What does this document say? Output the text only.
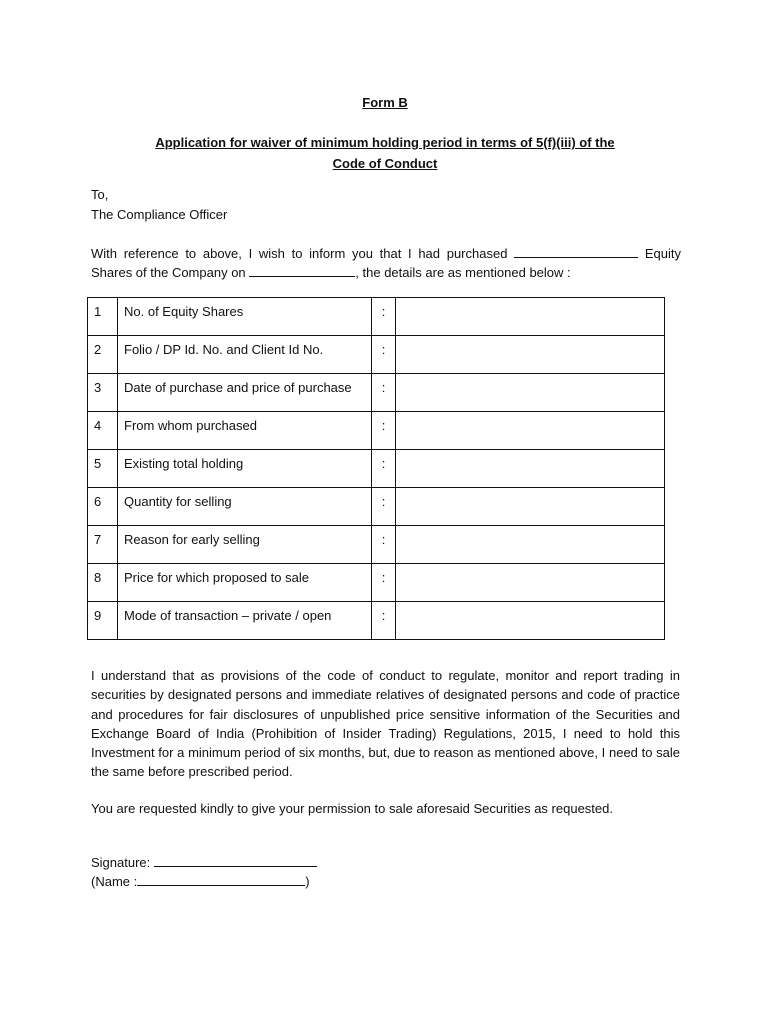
Form B
Application for waiver of minimum holding period in terms of 5(f)(iii) of the
Code of Conduct
To,
The Compliance Officer
With reference to above, I wish to inform you that I had purchased	Equity Shares of the Company on	, the details are as mentioned below :
1	No. of Equity Shares	:	
2	Folio / DP Id. No. and Client Id No.	:	
3	Date of purchase and price of purchase	:	
4	From whom purchased	:	
5	Existing total holding	:	
6	Quantity for selling	:	
7	Reason for early selling	:	
8	Price for which proposed to sale	:	
9	Mode of transaction – private / open	:	
I understand that as provisions of the code of conduct to regulate, monitor and report trading in securities by designated persons and immediate relatives of designated persons and code of practice and procedures for fair disclosures of unpublished price sensitive information of the Securities and Exchange Board of India (Prohibition of Insider Trading) Regulations, 2015, I need to hold this Investment for a minimum period of six months, but, due to reason as mentioned above, I need to sale the same before prescribed period.
You are requested kindly to give your permission to sale aforesaid Securities as requested.
Signature:
(Name :	)
